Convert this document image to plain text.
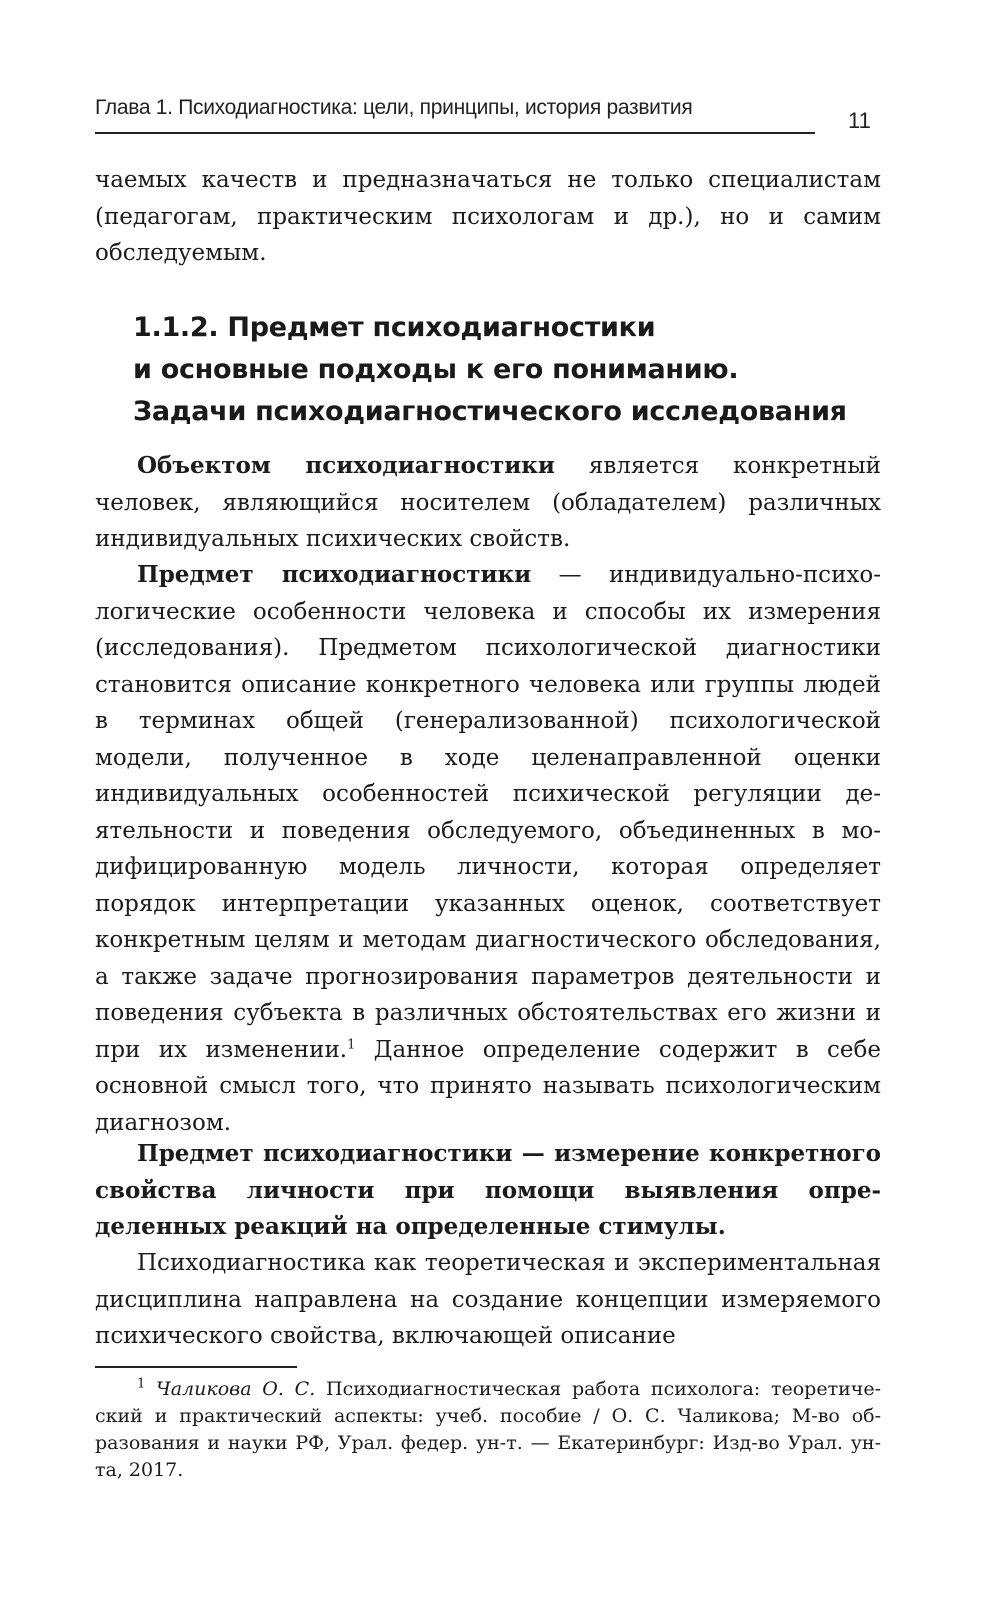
Глава 1. Психодиагностика: цели, принципы, история развития
11

чаемых качеств и предназначаться не только специалистам (педагогам, практическим психологам и др.), но и самим обследуемым.

1.1.2. Предмет психодиагностики
и основные подходы к его пониманию.
Задачи психодиагностического исследования

Объектом психодиагностики является конкретный человек, являющийся носителем (обладателем) различных индивидуальных психических свойств.

Предмет психодиагностики — индивидуально-психологические особенности человека и способы их измерения (исследования). Предметом психологической диагностики становится описание конкретного человека или группы людей в терминах общей (генерализованной) психологической модели, полученное в ходе целенаправленной оценки индивидуальных особенностей психической регуляции деятельности и поведения обследуемого, объединенных в модифицированную модель личности, которая определяет порядок интерпретации указанных оценок, соответствует конкретным целям и методам диагностического обследования, а также задаче прогнозирования параметров деятельности и поведения субъекта в различных обстоятельствах его жизни и при их изменении.$^1$ Данное определение содержит в себе основной смысл того, что принято называть психологическим диагнозом.

Предмет психодиагностики — измерение конкретного свойства личности при помощи выявления определенных реакций на определенные стимулы.

Психодиагностика как теоретическая и экспериментальная дисциплина направлена на создание концепции измеряемого психического свойства, включающей описание

$^1$ Чаликова О. С. Психодиагностическая работа психолога: теоретический и практический аспекты: учеб. пособие / О. С. Чаликова; М-во образования и науки РФ, Урал. федер. ун-т. — Екатеринбург: Изд-во Урал. ун-та, 2017.
